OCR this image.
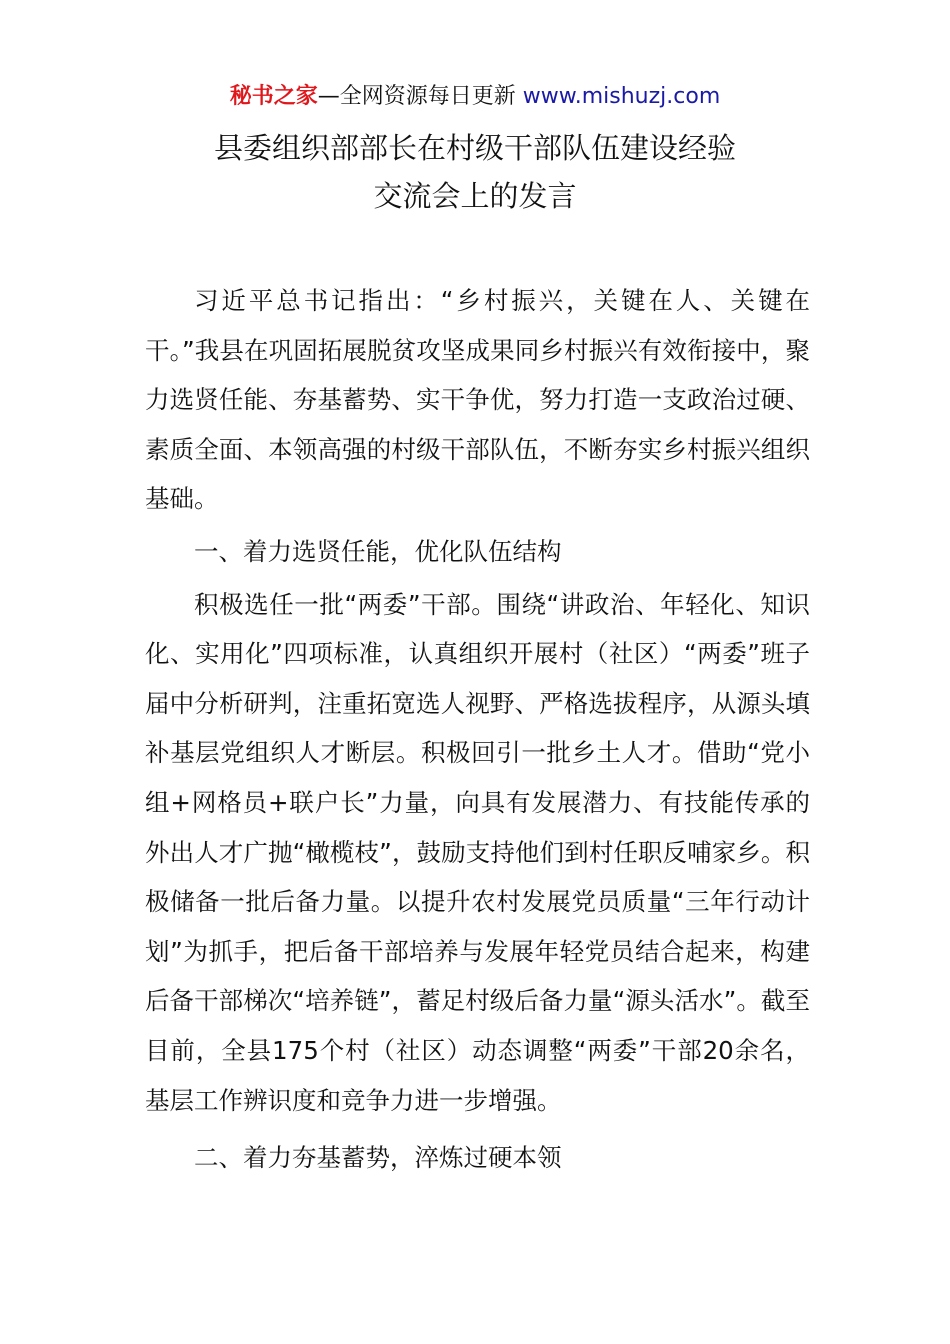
秘书之家—全网资源每日更新 www.mishuzj.com
县委组织部部长在村级干部队伍建设经验
交流会上的发言

习近平总书记指出：“乡村振兴，关键在人、关键在干。”我县在巩固拓展脱贫攻坚成果同乡村振兴有效衔接中，聚力选贤任能、夯基蓄势、实干争优，努力打造一支政治过硬、素质全面、本领高强的村级干部队伍，不断夯实乡村振兴组织基础。

一、着力选贤任能，优化队伍结构

积极选任一批“两委”干部。围绕“讲政治、年轻化、知识化、实用化”四项标准，认真组织开展村（社区）“两委”班子届中分析研判，注重拓宽选人视野、严格选拔程序，从源头填补基层党组织人才断层。积极回引一批乡土人才。借助“党小组+网格员+联户长”力量，向具有发展潜力、有技能传承的外出人才广抛“橄榄枝”，鼓励支持他们到村任职反哺家乡。积极储备一批后备力量。以提升农村发展党员质量“三年行动计划”为抓手，把后备干部培养与发展年轻党员结合起来，构建后备干部梯次“培养链”，蓄足村级后备力量“源头活水”。截至目前，全县175个村（社区）动态调整“两委”干部20余名，基层工作辨识度和竞争力进一步增强。

二、着力夯基蓄势，淬炼过硬本领
